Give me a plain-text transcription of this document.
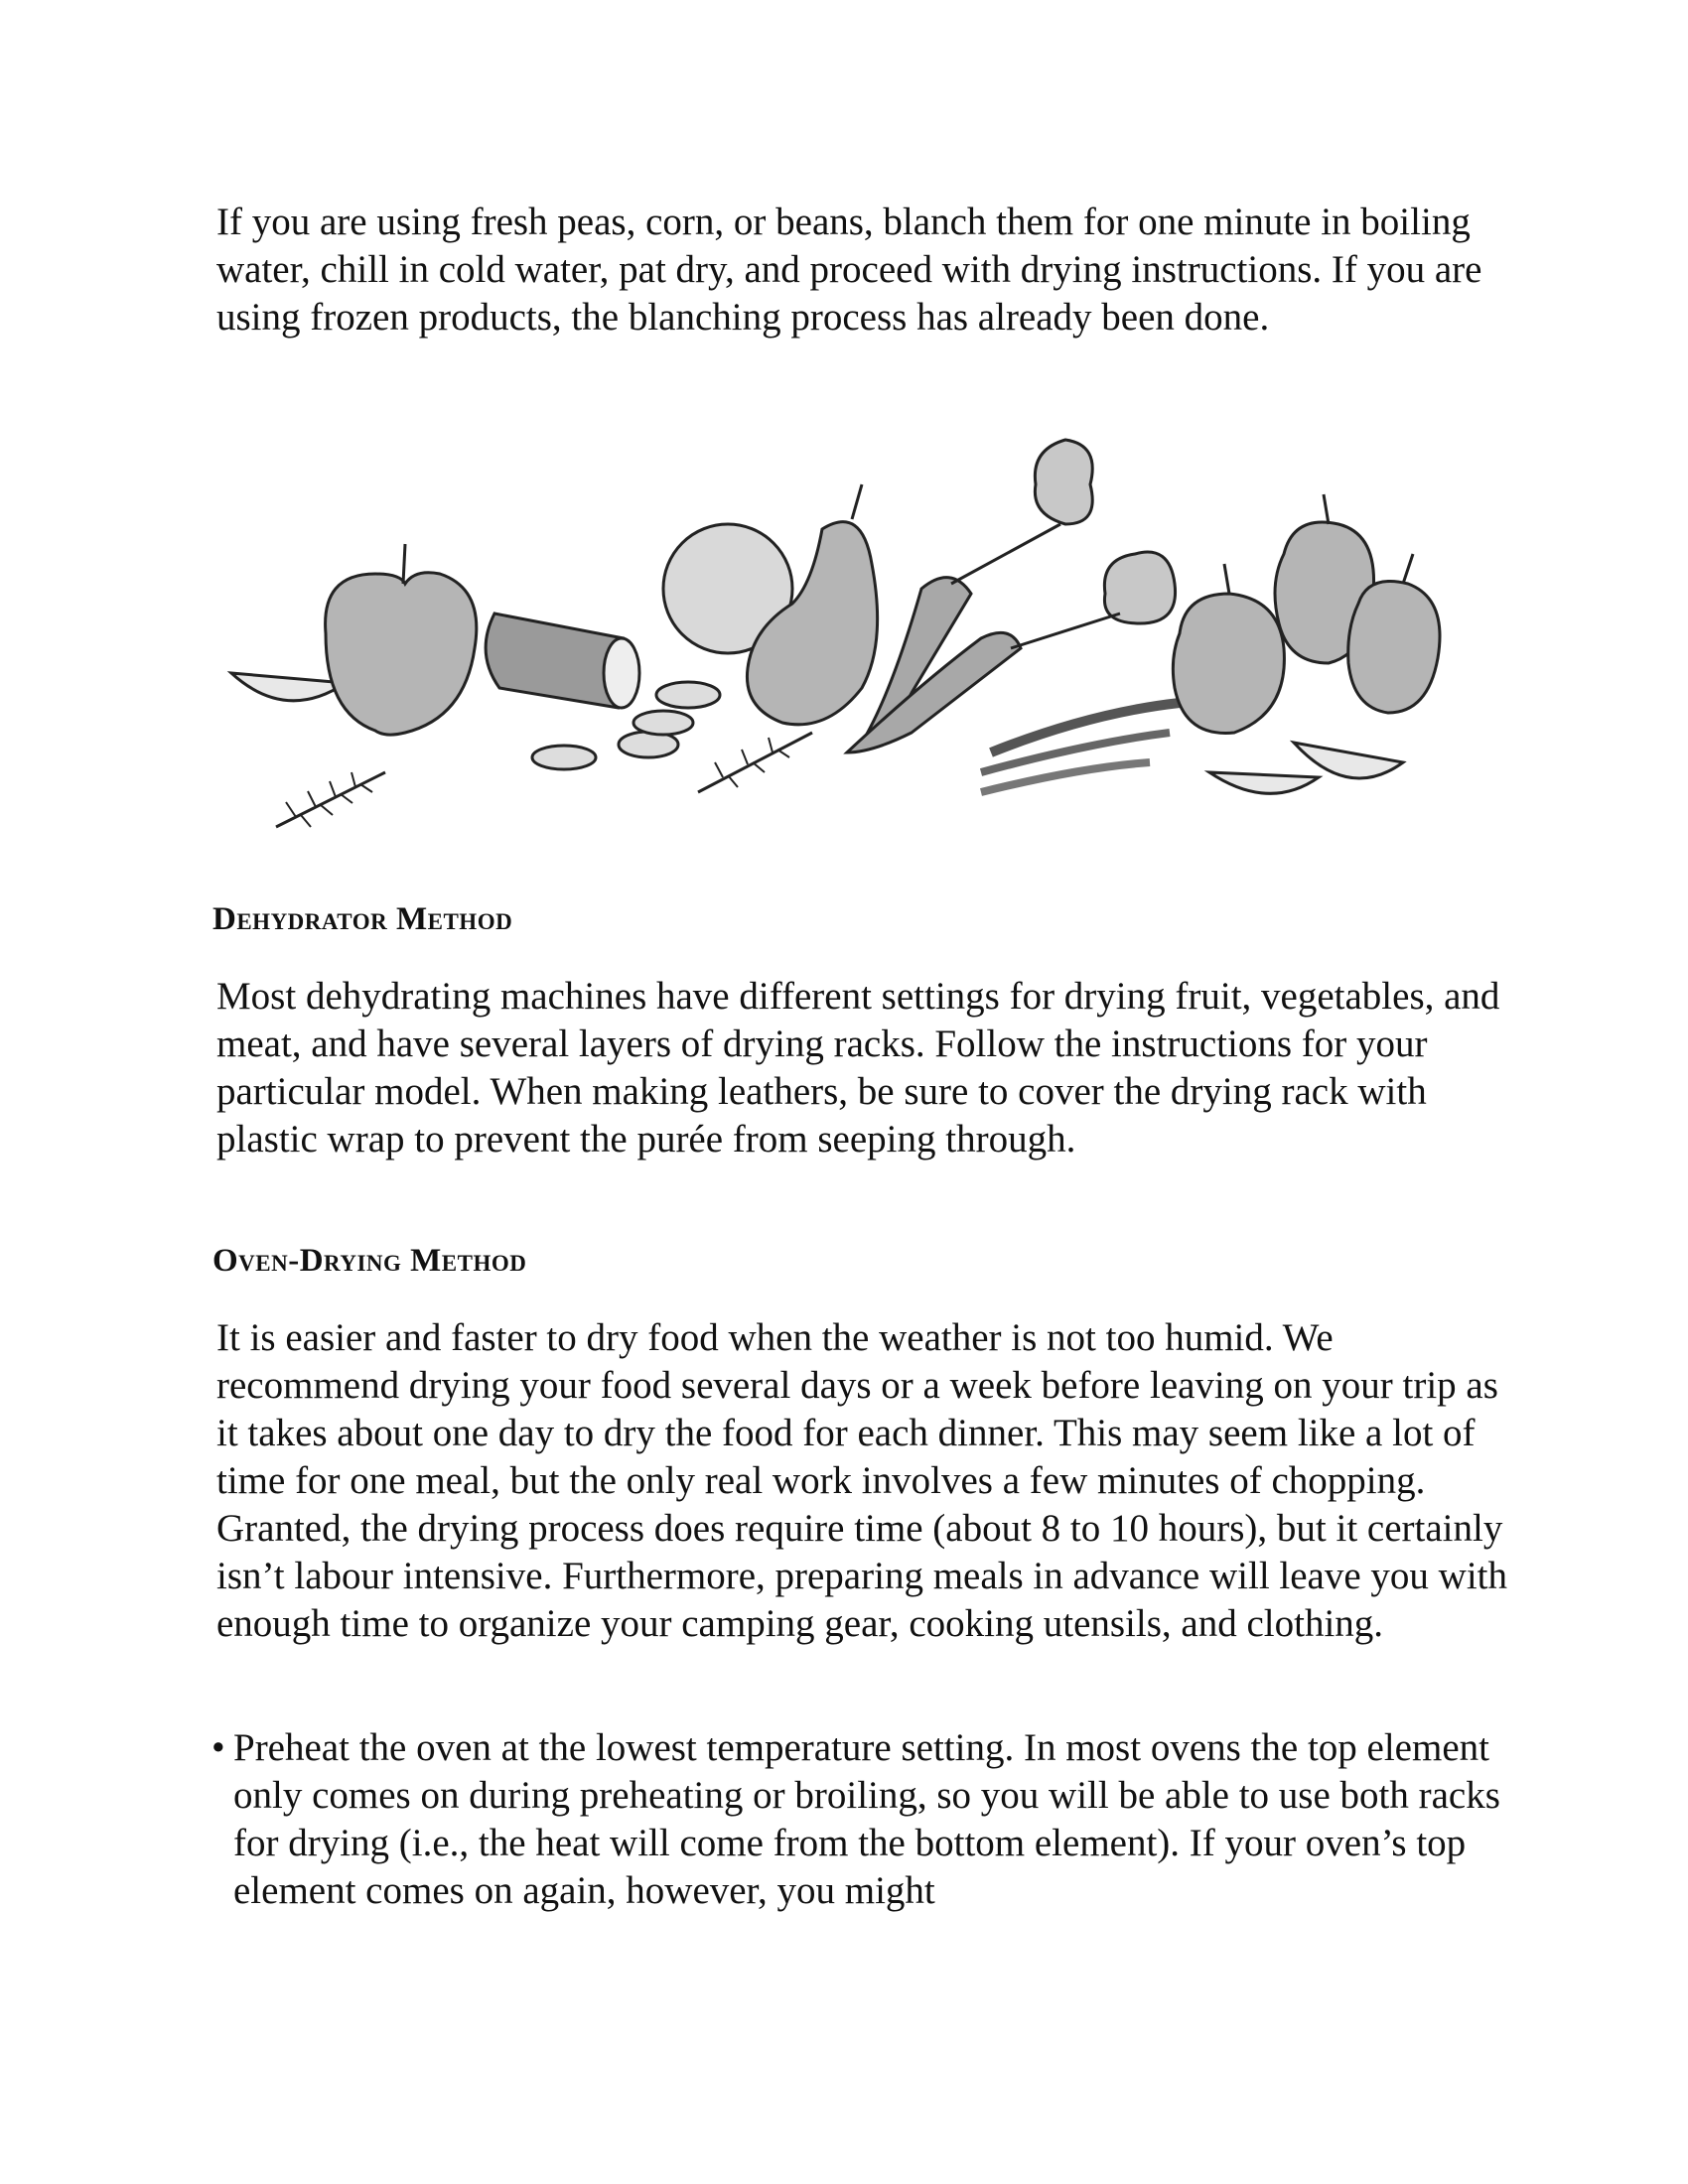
If you are using fresh peas, corn, or beans, blanch them for one minute in boiling water, chill in cold water, pat dry, and proceed with drying instructions. If you are using frozen products, the blanching process has already been done.

Dehydrator Method

Most dehydrating machines have different settings for drying fruit, vegetables, and meat, and have several layers of drying racks. Follow the instructions for your particular model. When making leathers, be sure to cover the drying rack with plastic wrap to prevent the purée from seeping through.

Oven-Drying Method

It is easier and faster to dry food when the weather is not too humid. We recommend drying your food several days or a week before leaving on your trip as it takes about one day to dry the food for each dinner. This may seem like a lot of time for one meal, but the only real work involves a few minutes of chopping. Granted, the drying process does require time (about 8 to 10 hours), but it certainly isn’t labour intensive. Furthermore, preparing meals in advance will leave you with enough time to organize your camping gear, cooking utensils, and clothing.

• Preheat the oven at the lowest temperature setting. In most ovens the top element only comes on during preheating or broiling, so you will be able to use both racks for drying (i.e., the heat will come from the bottom element). If your oven’s top element comes on again, however, you might
